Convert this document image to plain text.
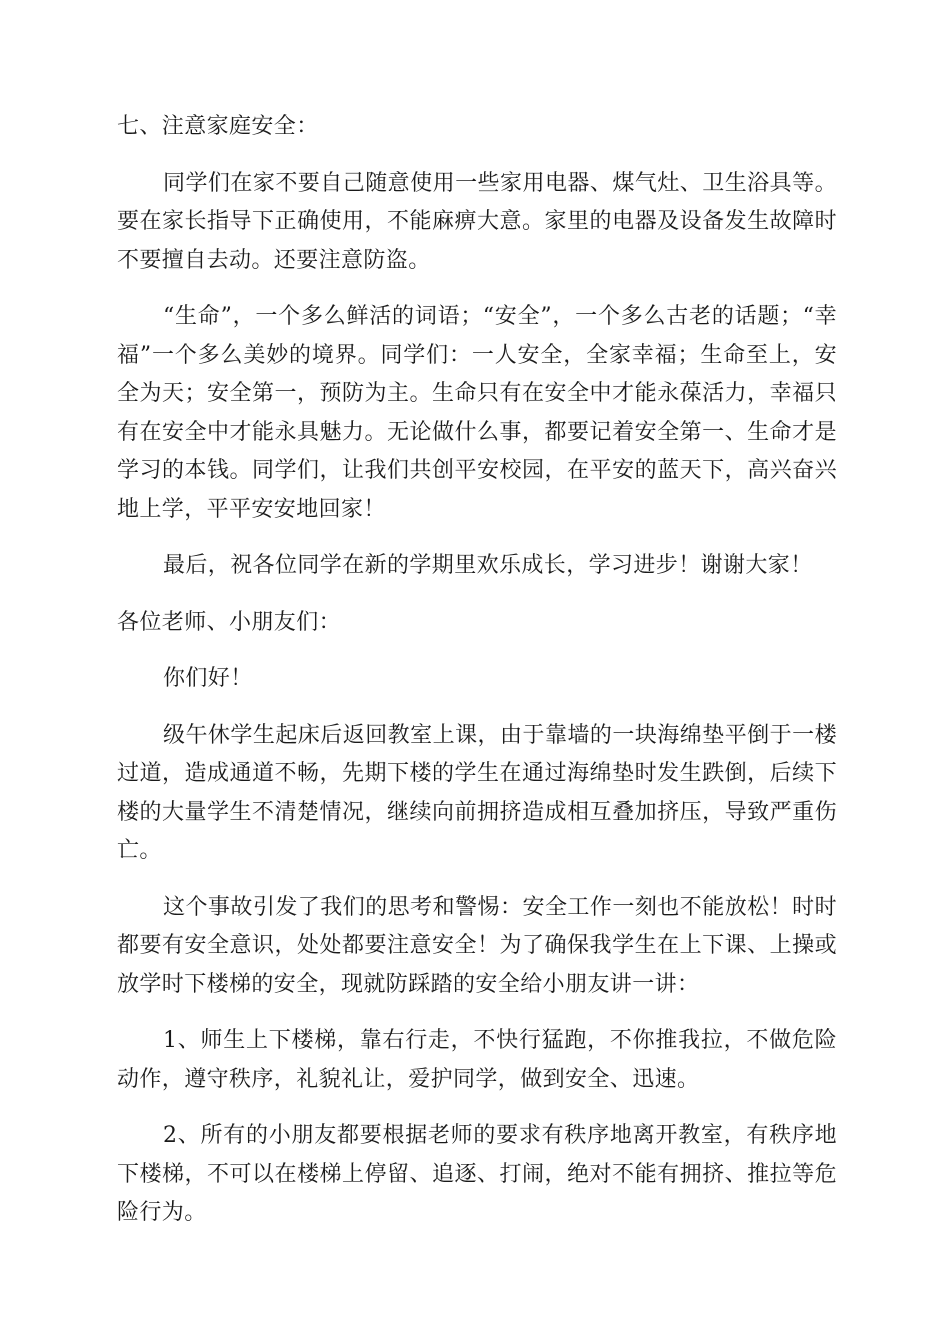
七、注意家庭安全：

同学们在家不要自己随意使用一些家用电器、煤气灶、卫生浴具等。要在家长指导下正确使用，不能麻痹大意。家里的电器及设备发生故障时不要擅自去动。还要注意防盗。

“生命”，一个多么鲜活的词语；“安全”，一个多么古老的话题；“幸福”一个多么美妙的境界。同学们：一人安全，全家幸福；生命至上，安全为天；安全第一，预防为主。生命只有在安全中才能永葆活力，幸福只有在安全中才能永具魅力。无论做什么事，都要记着安全第一、生命才是学习的本钱。同学们，让我们共创平安校园，在平安的蓝天下，高兴奋兴地上学，平平安安地回家！

最后，祝各位同学在新的学期里欢乐成长，学习进步！谢谢大家！

各位老师、小朋友们：

你们好！

级午休学生起床后返回教室上课，由于靠墙的一块海绵垫平倒于一楼过道，造成通道不畅，先期下楼的学生在通过海绵垫时发生跌倒，后续下楼的大量学生不清楚情况，继续向前拥挤造成相互叠加挤压，导致严重伤亡。

这个事故引发了我们的思考和警惕：安全工作一刻也不能放松！时时都要有安全意识，处处都要注意安全！为了确保我学生在上下课、上操或放学时下楼梯的安全，现就防踩踏的安全给小朋友讲一讲：

1、师生上下楼梯，靠右行走，不快行猛跑，不你推我拉，不做危险动作，遵守秩序，礼貌礼让，爱护同学，做到安全、迅速。

2、所有的小朋友都要根据老师的要求有秩序地离开教室，有秩序地下楼梯，不可以在楼梯上停留、追逐、打闹，绝对不能有拥挤、推拉等危险行为。
